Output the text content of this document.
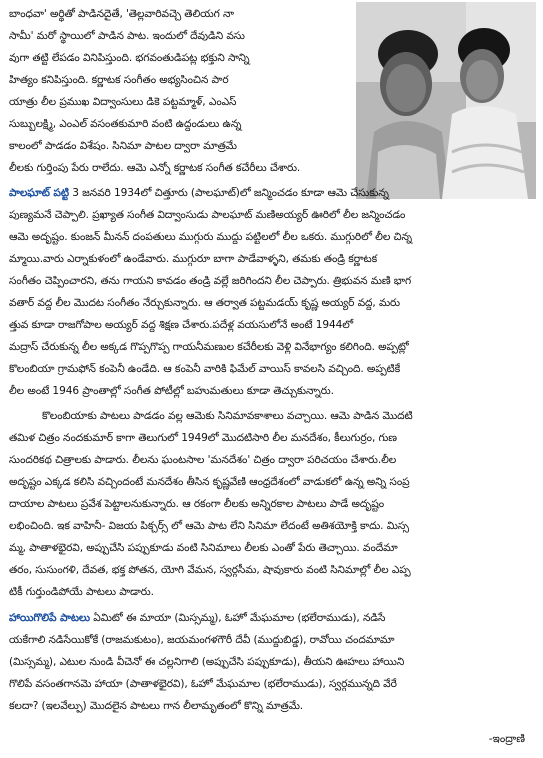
బాంధవా' అర్థితో పాడినదైతే, 'తెల్లవారివచ్చె తెలియగ నా
సామీ' మరో స్థాయిలో పాడిన పాట. ఇందులో దేవుడిని వసు
వుగా తట్టి లేపడం వినిపిస్తుంది. భగవంతుడిపట్ల భక్తుని సాన్ని
హిత్యం కనిపిస్తుంది. కర్ణాటక సంగీతం అభ్యసించిన పార
యాత్రు లీల ప్రముఖ విద్వాంసులు డికె పట్టమ్మాళ్, ఎంఎస్
సుబ్బులక్ష్మి, ఎంఎల్ వసంతకుమారి వంటి ఉద్దండులు ఉన్న
కాలంలో పాడడం విశేషం. సినిమా పాటల ద్వారా మాత్రమే
లీలకు గుర్తింపు పేరు రాలేదు. ఆమె ఎన్నో కర్ణాటక సంగీత కచేరీలు చేశారు.
పాలఘాట్ పట్టి 3 జనవరి 1934లో చిత్తూరు (పాలఘాట్)లో జన్మించడం కూడా ఆమె చేసుకున్న
పుణ్యమనే చెప్పాలి. ప్రఖ్యాత సంగీత విద్వాంసుడు పాలఘాట్ మణిఅయ్యర్ ఊరిలో లీల జన్మించడం
ఆమె అదృష్టం. కుంజన్ మీనన్ దంపతులు ముగ్గురు ముద్దు పట్టిలలో లీల ఒకరు. ముగ్గురిలో లీల చిన్న
మ్మాయి.వారు ఎర్నాకుళంలో ఉండేవారు. ముగ్గురూ బాగా పాడేవాళ్ళని, తమకు తండ్రి కర్ణాటక
సంగీతం చెప్పించారని, తను గాయని కావడం తండ్రి వల్లే జరిగిందని లీల చెప్పారు. త్రిభువన మణి భాగ
వతార్ వద్ద లీల మొదట సంగీతం నేర్చుకున్నారు. ఆ తర్వాత పట్టమడయ్ కృష్ణ అయ్యర్ వద్ద, మరు
త్తువ కూడా రాజగోపాల అయ్యర్ వద్ద శిక్షణ చేశారు.పదేళ్ల వయసులోనే అంటే 1944లో
మద్రాస్ చేరుకున్న లీల అక్కడ గొప్పగొప్ప గాయనీమణుల కచేరీలకు వెళ్లి వినేభాగ్యం కలిగింది. అప్పట్లో
కొలంబియా గ్రామఫోన్ కంపెనీ ఉండేది. ఆ కంపెనీ వారికి ఫిమేల్ వాయిస్ కావలసి వచ్చింది. అప్పటికే
లీల అంటే 1946 ప్రాంతాల్లో సంగీత పోటీల్లో బహుమతులు కూడా తెచ్చుకున్నారు.
కొలంబియాకు పాటలు పాడడం వల్ల ఆమెకు సినిమావకాశాలు వచ్చాయి. ఆమె పాడిన మొదటి
తమిళ చిత్రం నందకుమార్ కాగా తెలుగులో 1949లో మొదటిసారి లీల మనదేశం, కీలుగుర్రం, గుణ
సుందరికథ చిత్రాలకు పాడారు. లీలను ఘంటసాల 'మనదేశం' చిత్రం ద్వారా పరిచయం చేశారు.లీల
అదృష్టం ఎక్కడ కలిసి వచ్చిందంటే మనదేశం తీసిన కృష్ణవేణి ఆంధ్రదేశంలో వాడుకలో ఉన్న అన్ని సంప్ర
దాయాల పాటలు ప్రవేశ పెట్టాలనుకున్నారు. ఆ రకంగా లీలకు అన్నిరకాల పాటలు పాడే అదృష్టం
లభించింది. ఇక వాహినీ- విజయ పిక్చర్స్ లో ఆమె పాట లేని సినిమా లేదంటే అతిశయోక్తి కాదు. మిస్స
మ్మ, పాతాళభైరవి, అప్పుచేసి పప్పుకూడు వంటి సినిమాలు లీలకు ఎంతో పేరు తెచ్చాయి. వందేమా
తరం, సుసుంగళి, దేవత, భక్త పోతన, యోగి వేమన, స్వర్గసీమ, షావుకారు వంటి సినిమాల్లో లీల ఎప్ప
టికీ గుర్తుండిపోయే పాటలు పాడారు.
హాయిగొలిపే పాటలు ఏమిటో ఈ మాయా (మిస్సమ్మ), ఓహో మేఘమాల (భలేరాముడు), నడిసే
యకేగాలి నడిసేయికోకే (రాజమకుటం), జయమంగళగౌరీ దేవీ (ముద్దుబిడ్డ), రావోయి చందమామా
(మిస్సమ్మ), ఎటుల నుండి వీచెనో ఈ చల్లనిగాలి (అప్పుచేసి పప్పుకూడు), తీయని ఊహలు హాయిని
గొలిపే వసంతగానమె హాయా (పాతాళభైరవి), ఓహో మేఘమాల (భలేరాముడు), స్వర్గమున్నది వేరే
కలదా? (ఇలవేల్పు) మొదలైన పాటలు గాన లీలామృతంలో కొన్ని మాత్రమే.
-ఇంద్రాణి
